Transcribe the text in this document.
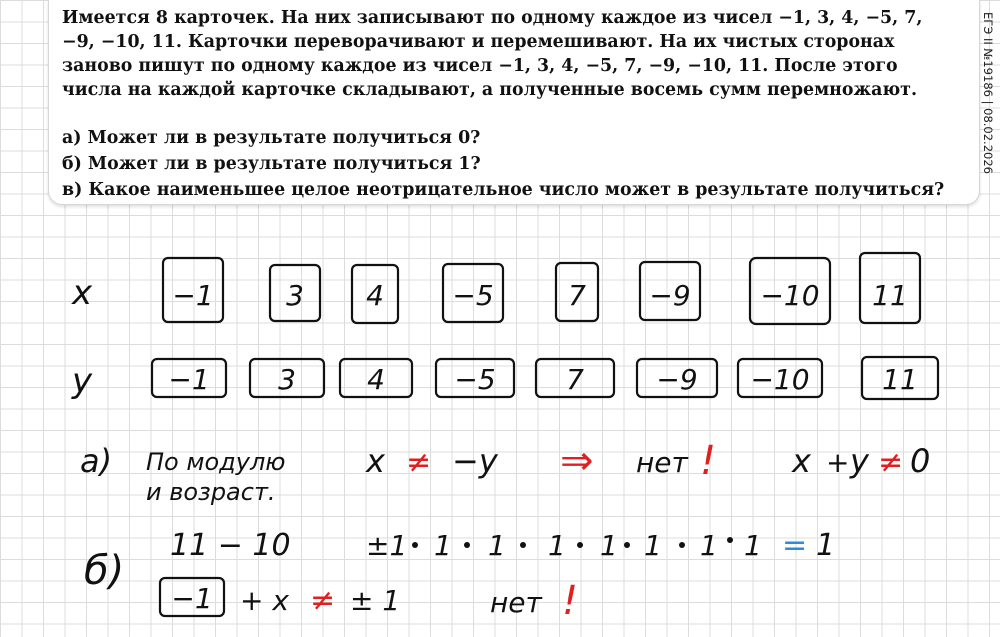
Имеется 8 карточек. На них записывают по одному каждое из чисел −1, 3, 4, −5, 7, −9, −10, 11. Карточки переворачивают и перемешивают. На их чистых сторонах заново пишут по одному каждое из чисел −1, 3, 4, −5, 7, −9, −10, 11. После этого числа на каждой карточке складывают, а полученные восемь сумм перемножают.

а) Может ли в результате получиться 0?

б) Может ли в результате получиться 1?

в) Какое наименьшее целое неотрицательное число может в результате получиться?

ЕГЭ II №19186 | 08.02.2026
x
y
−1	3 4 −5	7 −9 −10 11
−1 3	4 −5	7	−9 −10	11
а) По модулю
и возраст.
x ≠ −y ⇒ нет ! x + y ≠ 0
б)
11 − 10	±1 1 1 1 1 1 1 1 = 1
−1 + x ≠ ± 1	нет !
